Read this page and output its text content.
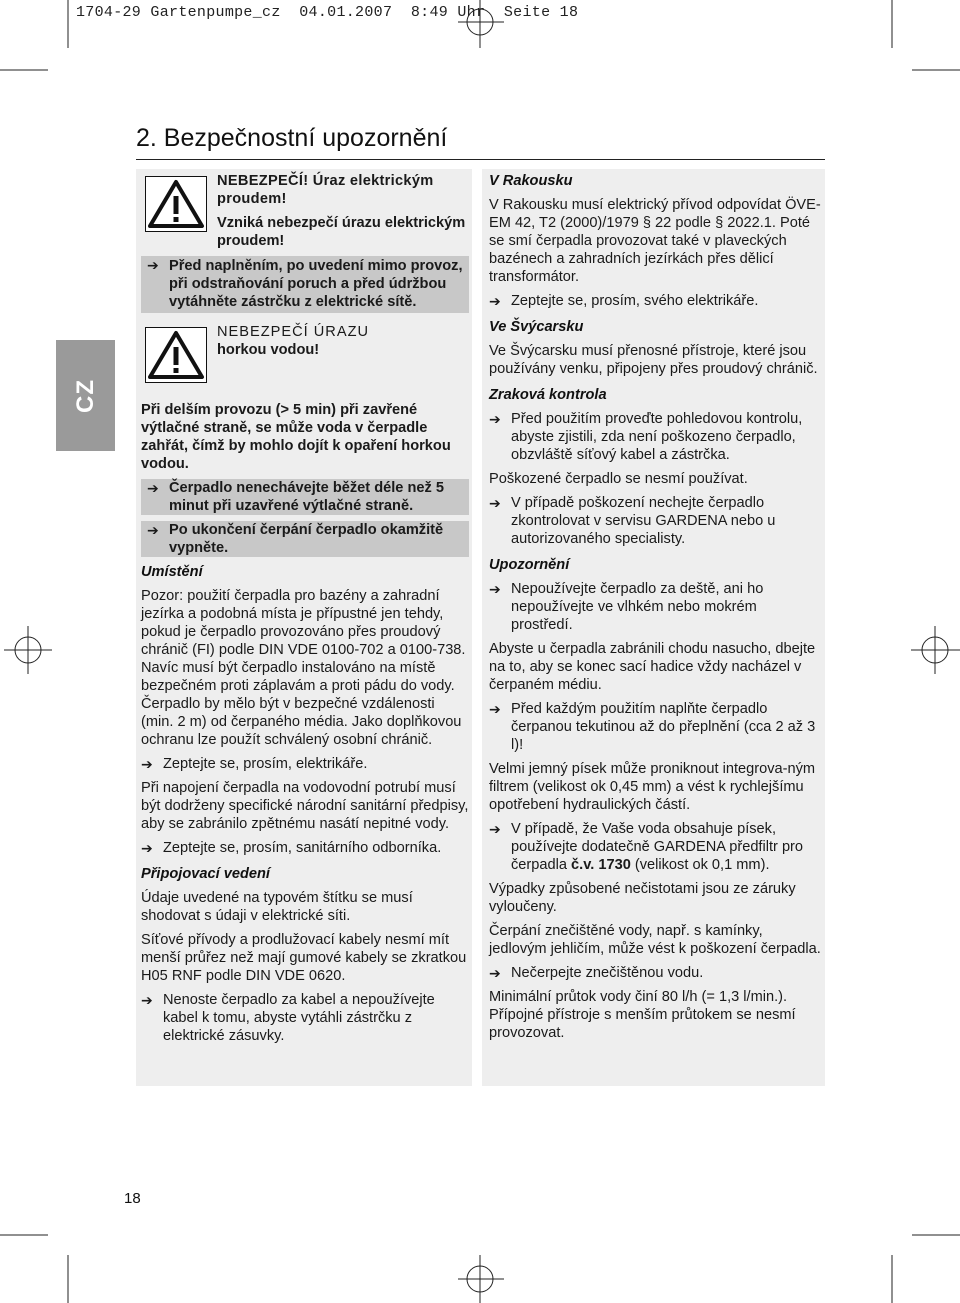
1704-29 Gartenpumpe_cz  04.01.2007  8:49 Uhr  Seite 18
2. Bezpečnostní upozornění
CZ
NEBEZPEČÍ! Úraz elektrickým proudem!
Vzniká nebezpečí úrazu elektrickým proudem!
➔ Před naplněním, po uvedení mimo provoz, při odstraňování poruch a před údržbou vytáhněte zástrčku z elektrické sítě.
NEBEZPEČÍ ÚRAZU
horkou vodou!

Při delším provozu (> 5 min) při zavřené výtlačné straně, se může voda v čerpadle zahřát, čímž by mohlo dojít k opaření horkou vodou.

➔ Čerpadlo nenechávejte běžet déle než 5 minut při uzavřené výtlačné straně.
➔ Po ukončení čerpání čerpadlo okamžitě vypněte.

Umístění

Pozor: použití čerpadla pro bazény a zahradní jezírka a podobná místa je přípustné jen tehdy, pokud je čerpadlo provozováno přes proudový chránič (FI) podle DIN VDE 0100-702 a 0100-738. Navíc musí být čerpadlo instalováno na místě bezpečném proti záplavám a proti pádu do vody. Čerpadlo by mělo být v bezpečné vzdálenosti (min. 2 m) od čerpaného média. Jako doplňkovou ochranu lze použít schválený osobní chránič.

➔ Zeptejte se, prosím, elektrikáře.

Při napojení čerpadla na vodovodní potrubí musí být dodrženy specifické národní sanitární předpisy, aby se zabránilo zpětnému nasátí nepitné vody.

➔ Zeptejte se, prosím, sanitárního odborníka.

Připojovací vedení

Údaje uvedené na typovém štítku se musí shodovat s údaji v elektrické síti.

Síťové přívody a prodlužovací kabely nesmí mít menší průřez než mají gumové kabely se zkratkou H05 RNF podle DIN VDE 0620.

➔ Nenoste čerpadlo za kabel a nepoužívejte kabel k tomu, abyste vytáhli zástrčku z elektrické zásuvky.

V Rakousku

V Rakousku musí elektrický přívod odpovídat ÖVE-EM 42, T2 (2000)/1979 § 22 podle § 2022.1. Poté se smí čerpadla provozovat také v plaveckých bazénech a zahradních jezírkách přes dělicí transformátor.

➔ Zeptejte se, prosím, svého elektrikáře.

Ve Švýcarsku

Ve Švýcarsku musí přenosné přístroje, které jsou používány venku, připojeny přes proudový chránič.

Zraková kontrola

➔ Před použitím proveďte pohledovou kontrolu, abyste zjistili, zda není poškozeno čerpadlo, obzvláště síťový kabel a zástrčka.

Poškozené čerpadlo se nesmí používat.

➔ V případě poškození nechejte čerpadlo zkontrolovat v servisu GARDENA nebo u autorizovaného specialisty.

Upozornění

➔ Nepoužívejte čerpadlo za deště, ani ho nepoužívejte ve vlhkém nebo mokrém prostředí.

Abyste u čerpadla zabránili chodu nasucho, dbejte na to, aby se konec sací hadice vždy nacházel v čerpaném médiu.

➔ Před každým použitím naplňte čerpadlo čerpanou tekutinou až do přeplnění (cca 2 až 3 l)!

Velmi jemný písek může proniknout integrova-ným filtrem (velikost ok 0,45 mm) a vést k rychlejšímu opotřebení hydraulických částí.

➔ V případě, že Vaše voda obsahuje písek, používejte dodatečně GARDENA předfiltr pro čerpadla č.v. 1730 (velikost ok 0,1 mm).

Výpadky způsobené nečistotami jsou ze záruky vyloučeny.

Čerpání znečištěné vody, např. s kamínky, jedlovým jehličím, může vést k poškození čerpadla.

➔ Nečerpejte znečištěnou vodu.

Minimální průtok vody činí 80 l/h (= 1,3 l/min.). Přípojné přístroje s menším průtokem se nesmí provozovat.

18
